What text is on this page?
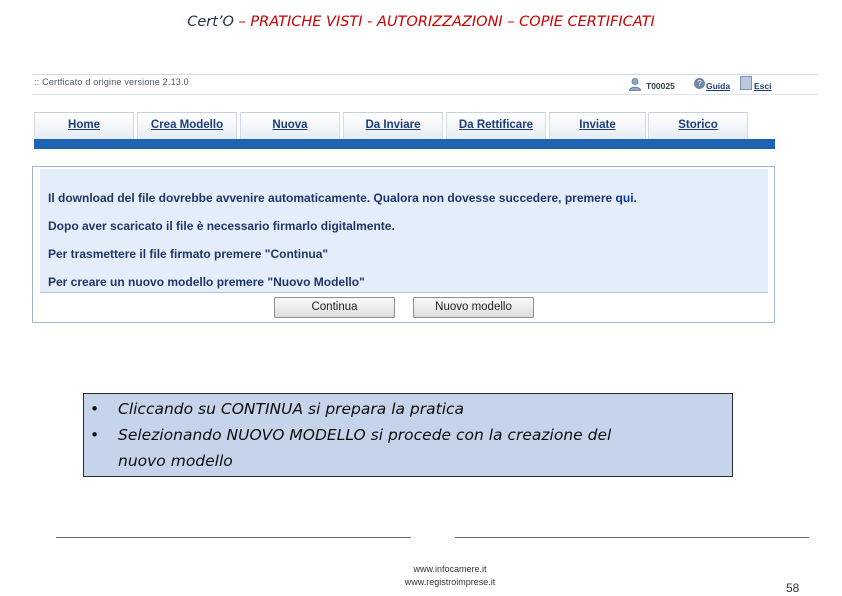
Cert’O – PRATICHE VISTI - AUTORIZZAZIONI – COPIE CERTIFICATI
:: Certficato d origine versione 2.13.0	T00025	? Guida	Esci
Home	Crea Modello	Nuova	Da Inviare	Da Rettificare	Inviate	Storico
Il download del file dovrebbe avvenire automaticamente. Qualora non dovesse succedere, premere qui.
Dopo aver scaricato il file è necessario firmarlo digitalmente.
Per trasmettere il file firmato premere "Continua"
Per creare un nuovo modello premere "Nuovo Modello"
Continua	Nuovo modello
• Cliccando su CONTINUA si prepara la pratica
• Selezionando NUOVO MODELLO si procede con la creazione del
nuovo modello
www.infocamere.it
www.registroimprese.it	58
